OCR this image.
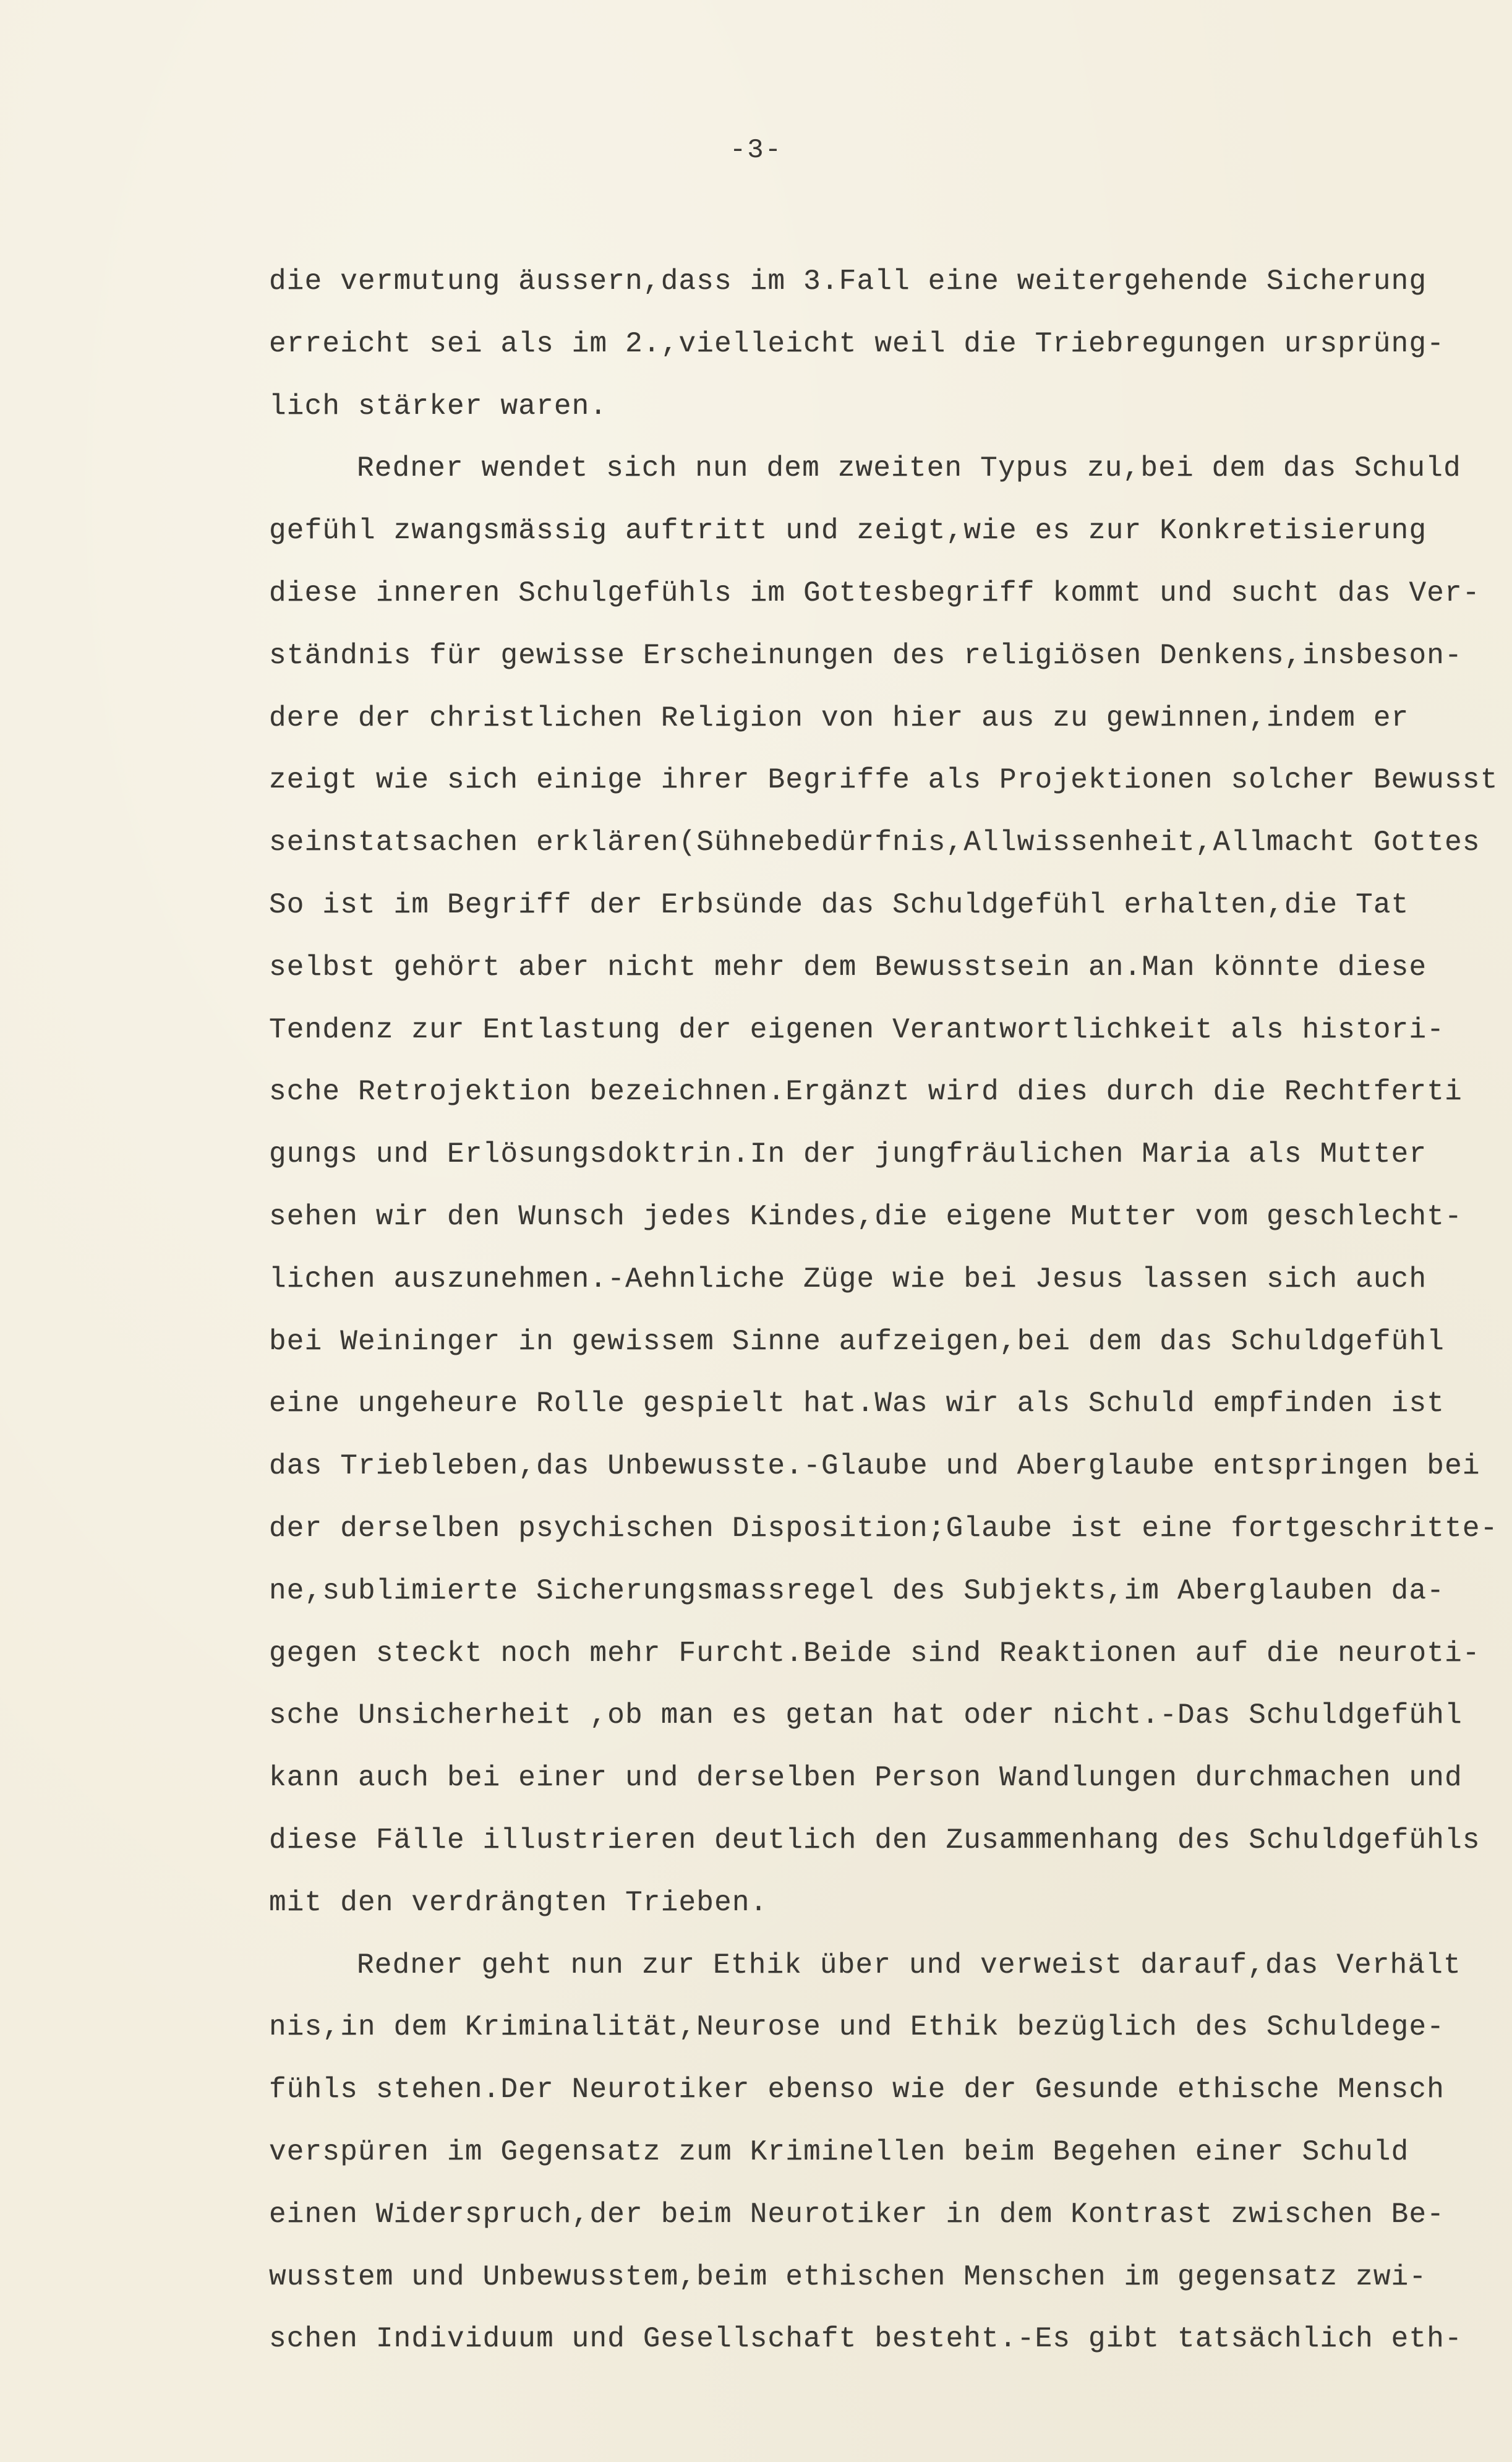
-3-
die vermutung äussern,dass im 3.Fall eine weitergehende Sicherung
erreicht sei als im 2.,vielleicht weil die Triebregungen ursprüng-
lich stärker waren.
Redner wendet sich nun dem zweiten Typus zu,bei dem das Schuld
gefühl zwangsmässig auftritt und zeigt,wie es zur Konkretisierung
diese inneren Schulgefühls im Gottesbegriff kommt und sucht das Ver-
ständnis für gewisse Erscheinungen des religiösen Denkens,insbeson-
dere der christlichen Religion von hier aus zu gewinnen,indem er
zeigt wie sich einige ihrer Begriffe als Projektionen solcher Bewusst
seinstatsachen erklären(Sühnebedürfnis,Allwissenheit,Allmacht Gottes
So ist im Begriff der Erbsünde das Schuldgefühl erhalten,die Tat
selbst gehört aber nicht mehr dem Bewusstsein an.Man könnte diese
Tendenz zur Entlastung der eigenen Verantwortlichkeit als histori-
sche Retrojektion bezeichnen.Ergänzt wird dies durch die Rechtferti
gungs und Erlösungsdoktrin.In der jungfräulichen Maria als Mutter
sehen wir den Wunsch jedes Kindes,die eigene Mutter vom geschlecht-
lichen auszunehmen.-Aehnliche Züge wie bei Jesus lassen sich auch
bei Weininger in gewissem Sinne aufzeigen,bei dem das Schuldgefühl
eine ungeheure Rolle gespielt hat.Was wir als Schuld empfinden ist
das Triebleben,das Unbewusste.-Glaube und Aberglaube entspringen bei
der derselben psychischen Disposition;Glaube ist eine fortgeschritte-
ne,sublimierte Sicherungsmassregel des Subjekts,im Aberglauben da-
gegen steckt noch mehr Furcht.Beide sind Reaktionen auf die neuroti-
sche Unsicherheit ,ob man es getan hat oder nicht.-Das Schuldgefühl
kann auch bei einer und derselben Person Wandlungen durchmachen und
diese Fälle illustrieren deutlich den Zusammenhang des Schuldgefühls
mit den verdrängten Trieben.
Redner geht nun zur Ethik über und verweist darauf,das Verhält
nis,in dem Kriminalität,Neurose und Ethik bezüglich des Schuldege-
fühls stehen.Der Neurotiker ebenso wie der Gesunde ethische Mensch
verspüren im Gegensatz zum Kriminellen beim Begehen einer Schuld
einen Widerspruch,der beim Neurotiker in dem Kontrast zwischen Be-
wusstem und Unbewusstem,beim ethischen Menschen im gegensatz zwi-
schen Individuum und Gesellschaft besteht.-Es gibt tatsächlich eth-
